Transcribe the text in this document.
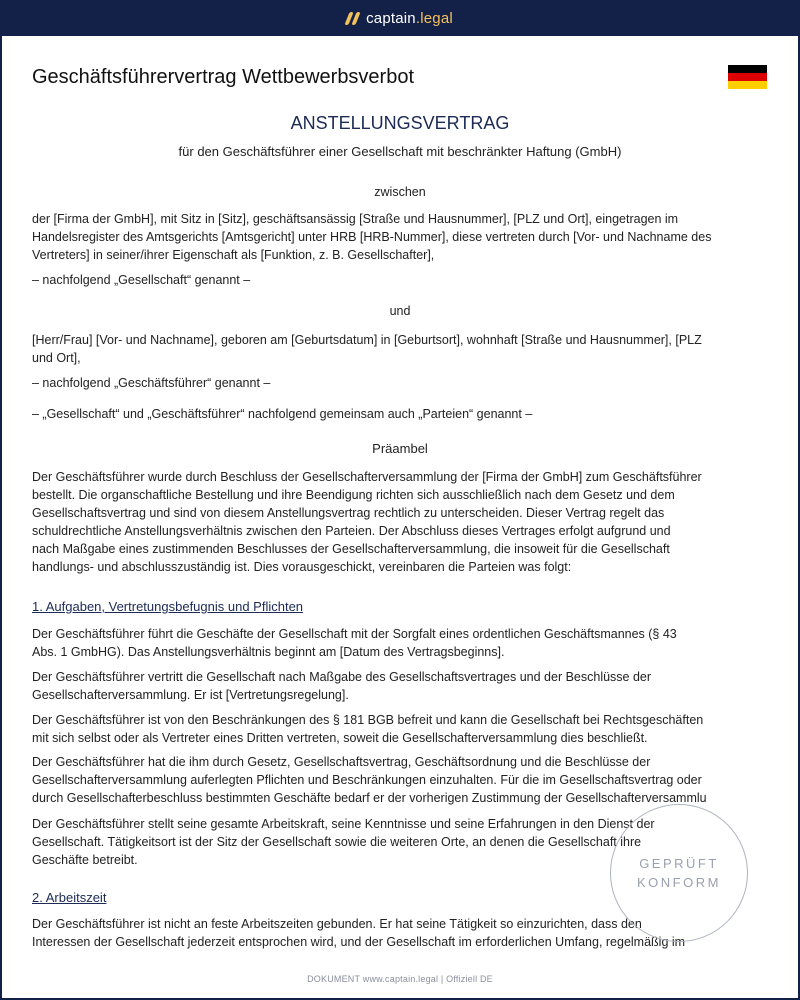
captain.legal
Geschäftsführervertrag Wettbewerbsverbot
ANSTELLUNGSVERTRAG
für den Geschäftsführer einer Gesellschaft mit beschränkter Haftung (GmbH)
zwischen

der [Firma der GmbH], mit Sitz in [Sitz], geschäftsansässig [Straße und Hausnummer], [PLZ und Ort], eingetragen im
Handelsregister des Amtsgerichts [Amtsgericht] unter HRB [HRB-Nummer], diese vertreten durch [Vor- und Nachname des
Vertreters] in seiner/ihrer Eigenschaft als [Funktion, z. B. Gesellschafter],

– nachfolgend „Gesellschaft“ genannt –

und

[Herr/Frau] [Vor- und Nachname], geboren am [Geburtsdatum] in [Geburtsort], wohnhaft [Straße und Hausnummer], [PLZ
und Ort],

– nachfolgend „Geschäftsführer“ genannt –

– „Gesellschaft“ und „Geschäftsführer“ nachfolgend gemeinsam auch „Parteien“ genannt –

Präambel

Der Geschäftsführer wurde durch Beschluss der Gesellschafterversammlung der [Firma der GmbH] zum Geschäftsführer
bestellt. Die organschaftliche Bestellung und ihre Beendigung richten sich ausschließlich nach dem Gesetz und dem
Gesellschaftsvertrag und sind von diesem Anstellungsvertrag rechtlich zu unterscheiden. Dieser Vertrag regelt das
schuldrechtliche Anstellungsverhältnis zwischen den Parteien. Der Abschluss dieses Vertrages erfolgt aufgrund und
nach Maßgabe eines zustimmenden Beschlusses der Gesellschafterversammlung, die insoweit für die Gesellschaft
handlungs- und abschlusszuständig ist. Dies vorausgeschickt, vereinbaren die Parteien was folgt:

1. Aufgaben, Vertretungsbefugnis und Pflichten

Der Geschäftsführer führt die Geschäfte der Gesellschaft mit der Sorgfalt eines ordentlichen Geschäftsmannes (§ 43
Abs. 1 GmbHG). Das Anstellungsverhältnis beginnt am [Datum des Vertragsbeginns].

Der Geschäftsführer vertritt die Gesellschaft nach Maßgabe des Gesellschaftsvertrages und der Beschlüsse der
Gesellschafterversammlung. Er ist [Vertretungsregelung].

Der Geschäftsführer ist von den Beschränkungen des § 181 BGB befreit und kann die Gesellschaft bei Rechtsgeschäften
mit sich selbst oder als Vertreter eines Dritten vertreten, soweit die Gesellschafterversammlung dies beschließt.

Der Geschäftsführer hat die ihm durch Gesetz, Gesellschaftsvertrag, Geschäftsordnung und die Beschlüsse der
Gesellschafterversammlung auferlegten Pflichten und Beschränkungen einzuhalten. Für die im Gesellschaftsvertrag oder
durch Gesellschafterbeschluss bestimmten Geschäfte bedarf er der vorherigen Zustimmung der Gesellschafterversammlu

Der Geschäftsführer stellt seine gesamte Arbeitskraft, seine Kenntnisse und seine Erfahrungen in den Dienst der
Gesellschaft. Tätigkeitsort ist der Sitz der Gesellschaft sowie die weiteren Orte, an denen die Gesellschaft ihre
Geschäfte betreibt.

2. Arbeitszeit

Der Geschäftsführer ist nicht an feste Arbeitszeiten gebunden. Er hat seine Tätigkeit so einzurichten, dass den
Interessen der Gesellschaft jederzeit entsprochen wird, und der Gesellschaft im erforderlichen Umfang, regelmäßig im

GEPRÜFT
KONFORM
DOKUMENT www.captain.legal | Offiziell DE
